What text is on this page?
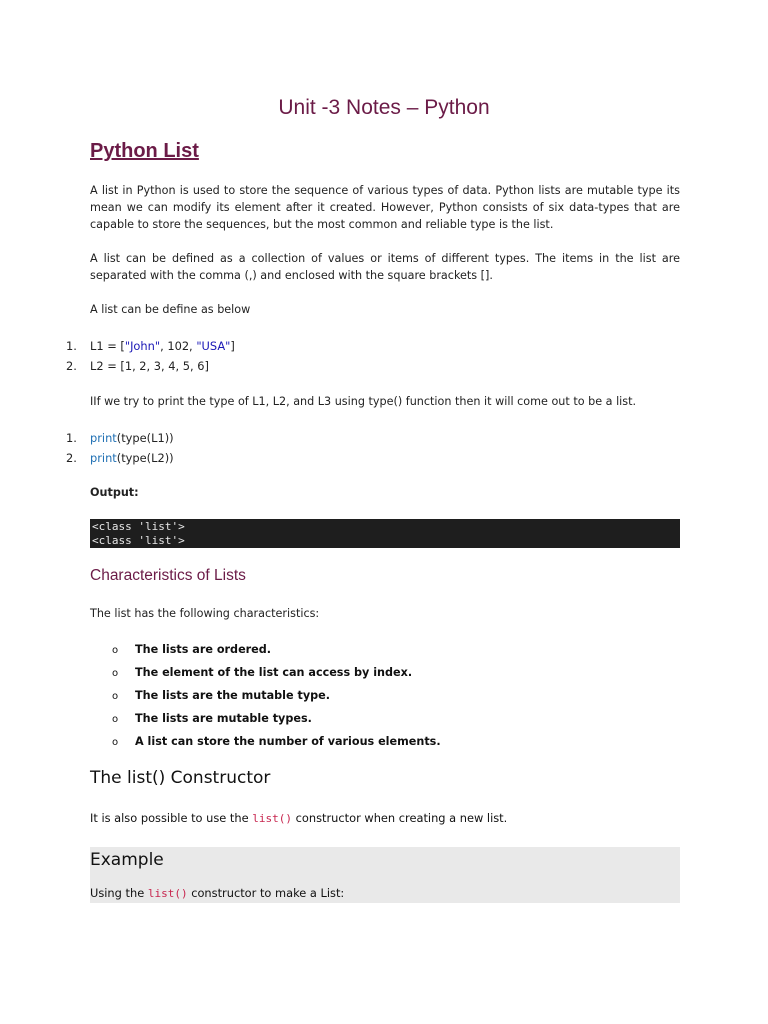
Unit -3 Notes – Python
Python List

A list in Python is used to store the sequence of various types of data. Python lists are mutable type its mean we can modify its element after it created. However, Python consists of six data-types that are capable to store the sequences, but the most common and reliable type is the list.

A list can be defined as a collection of values or items of different types. The items in the list are separated with the comma (,) and enclosed with the square brackets [].

A list can be define as below

1. L1 = ["John", 102, "USA"]
2. L2 = [1, 2, 3, 4, 5, 6]

IIf we try to print the type of L1, L2, and L3 using type() function then it will come out to be a list.

1. print(type(L1))
2. print(type(L2))

Output:

<class 'list'>
<class 'list'>
Characteristics of Lists

The list has the following characteristics:

o The lists are ordered.
o The element of the list can access by index.
o The lists are the mutable type.
o The lists are mutable types.
o A list can store the number of various elements.
The list() Constructor

It is also possible to use the list() constructor when creating a new list.

Example

Using the list() constructor to make a List:
